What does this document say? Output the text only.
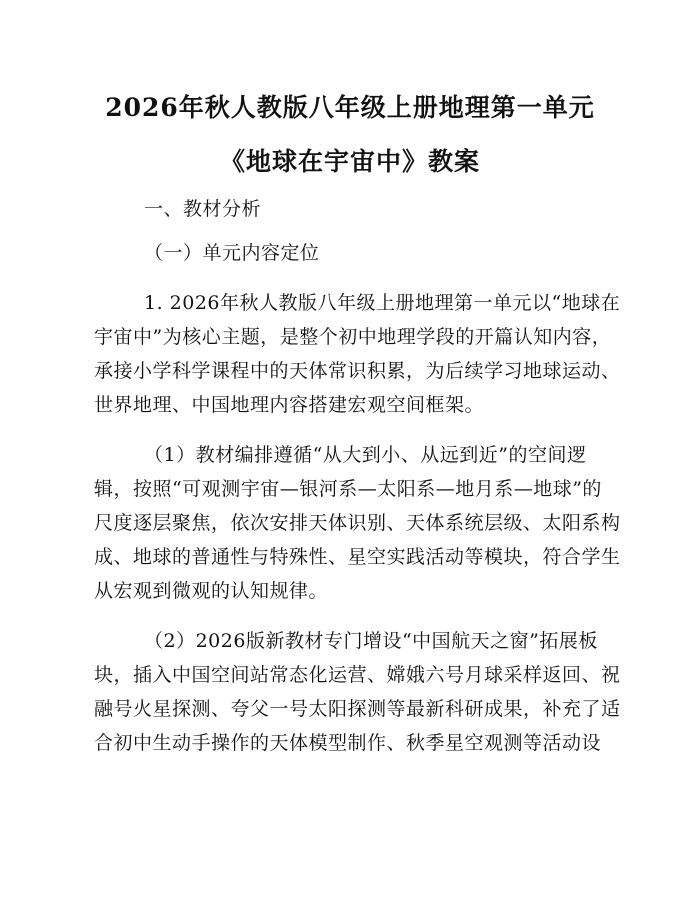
2026年秋人教版八年级上册地理第一单元
《地球在宇宙中》教案

一、教材分析

（一）单元内容定位

1. 2026年秋人教版八年级上册地理第一单元以“地球在

宇宙中”为核心主题，是整个初中地理学段的开篇认知内容，

承接小学科学课程中的天体常识积累，为后续学习地球运动、

世界地理、中国地理内容搭建宏观空间框架。

（1）教材编排遵循“从大到小、从远到近”的空间逻

辑，按照“可观测宇宙—银河系—太阳系—地月系—地球”的

尺度逐层聚焦，依次安排天体识别、天体系统层级、太阳系构

成、地球的普通性与特殊性、星空实践活动等模块，符合学生

从宏观到微观的认知规律。

（2）2026版新教材专门增设“中国航天之窗”拓展板

块，插入中国空间站常态化运营、嫦娥六号月球采样返回、祝

融号火星探测、夸父一号太阳探测等最新科研成果，补充了适

合初中生动手操作的天体模型制作、秋季星空观测等活动设
